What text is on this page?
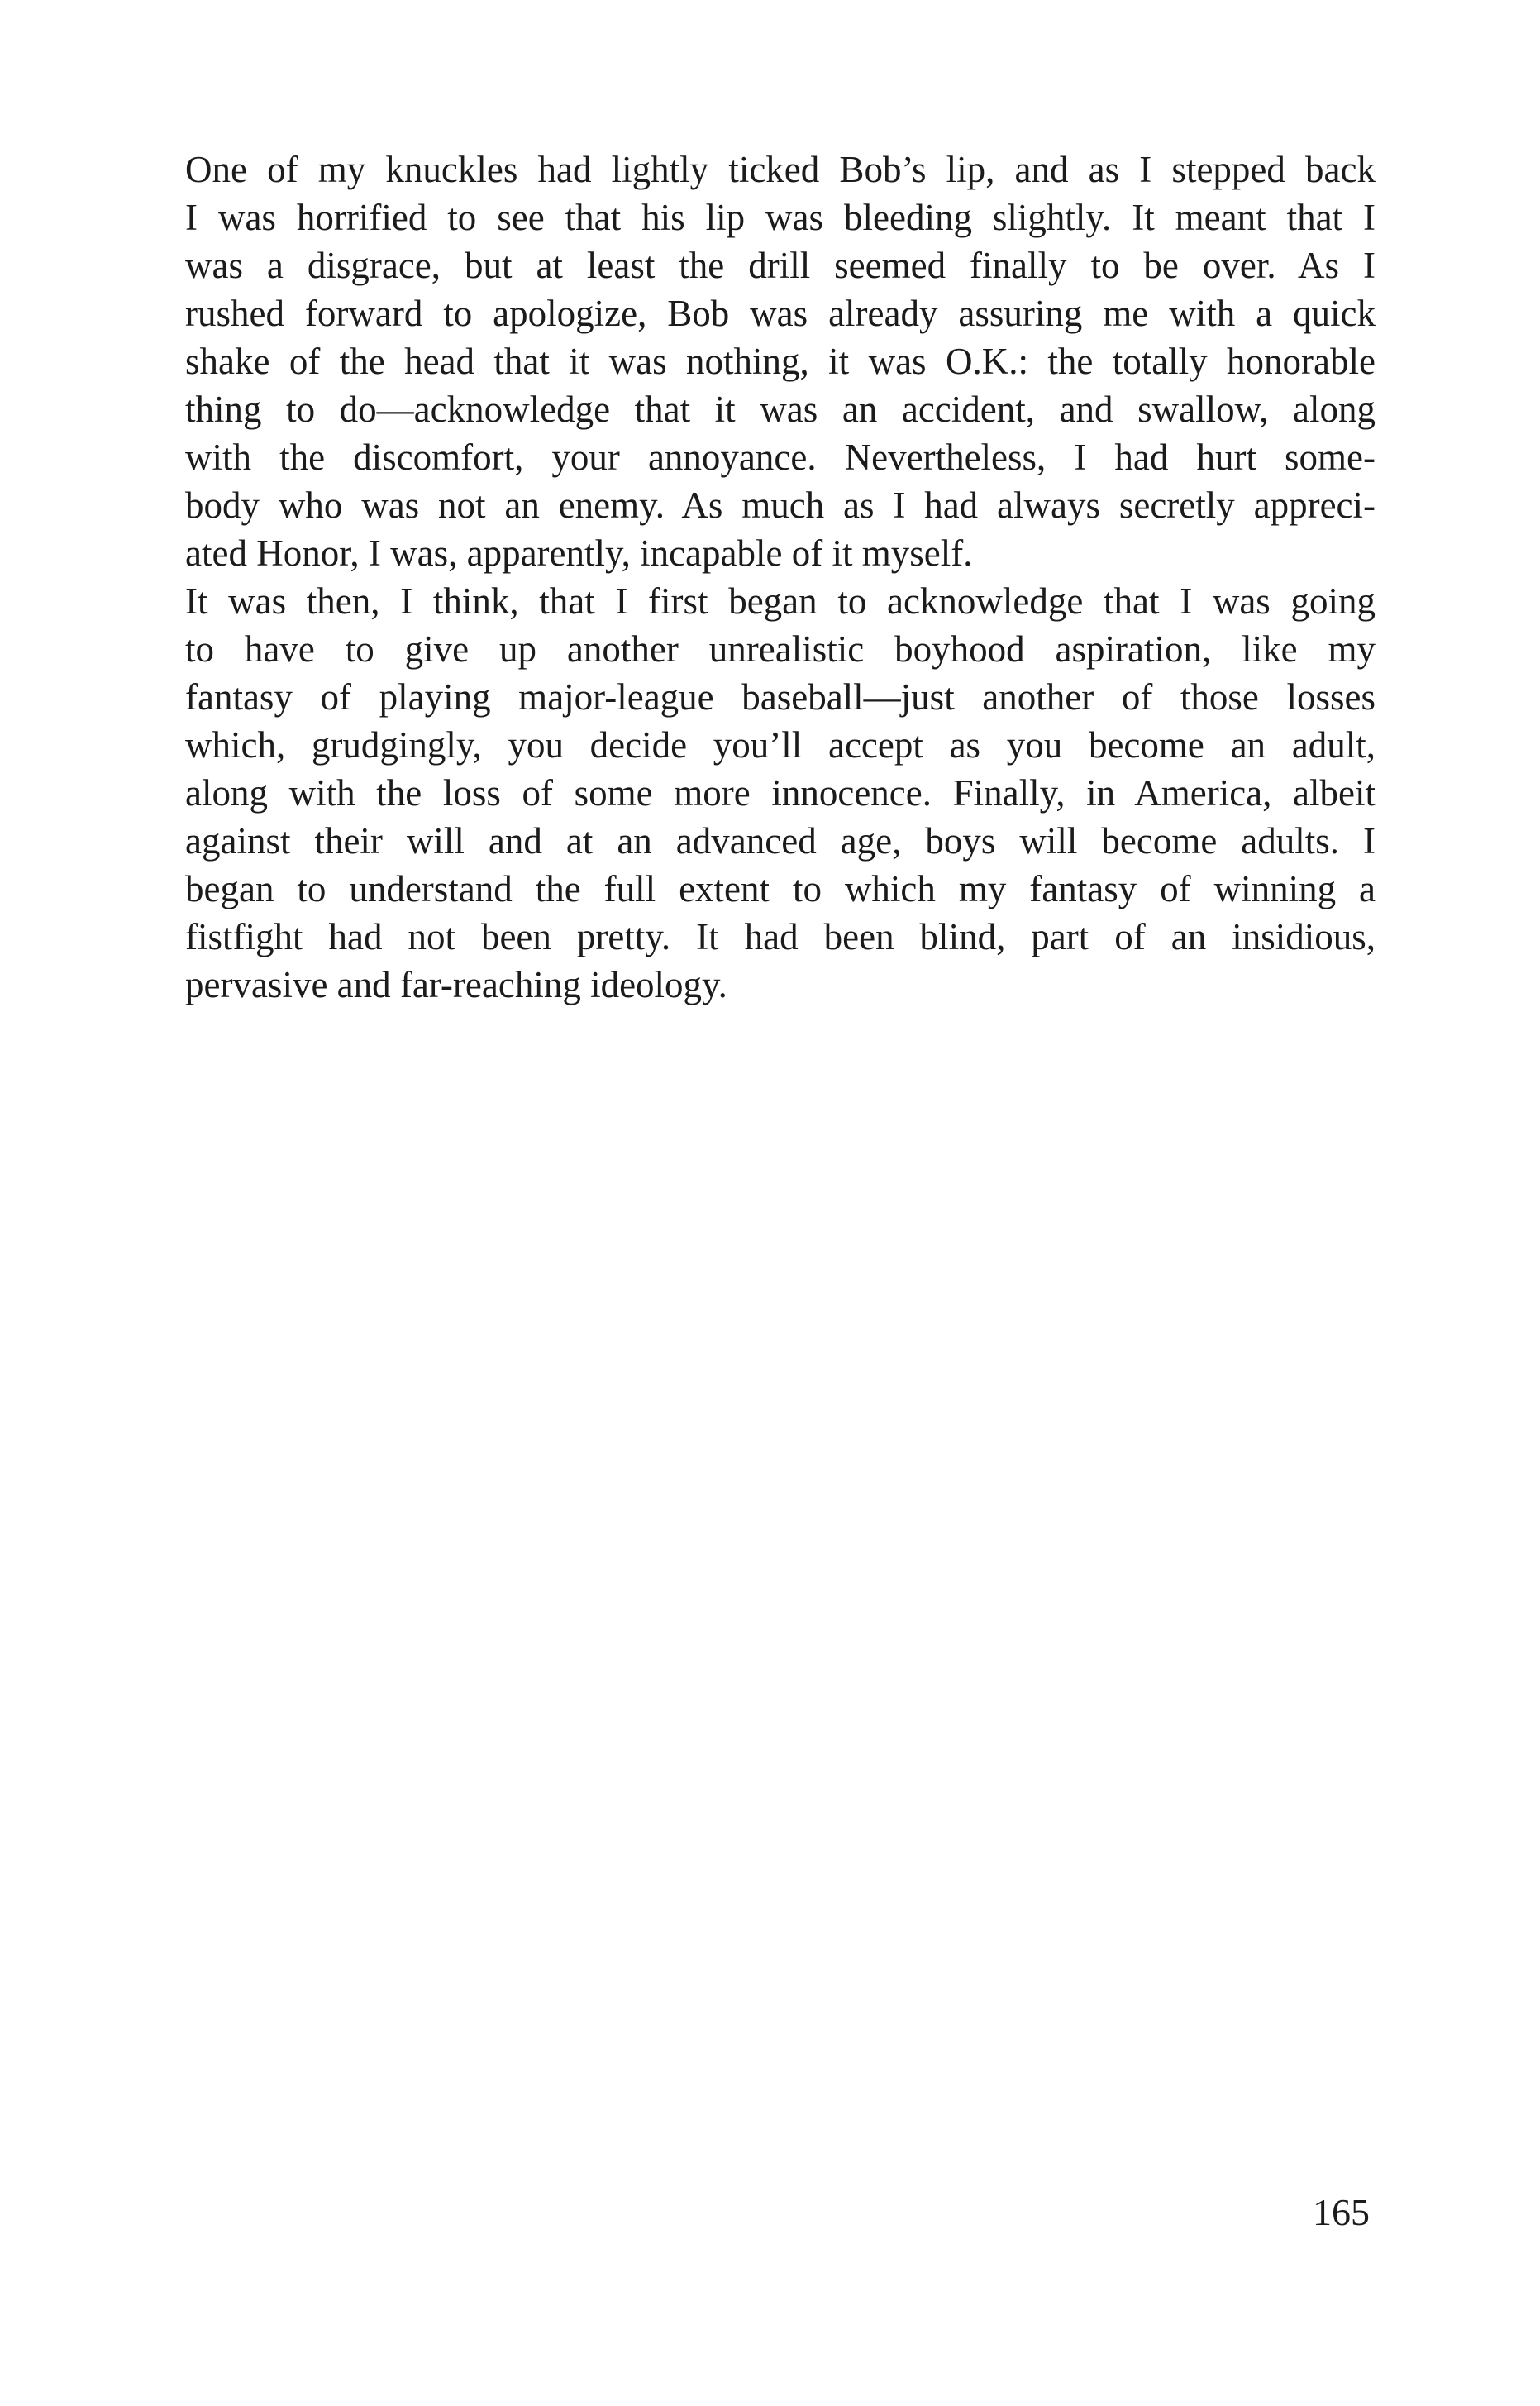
One of my knuckles had lightly ticked Bob’s lip, and as I stepped back
I was horrified to see that his lip was bleeding slightly. It meant that I
was a disgrace, but at least the drill seemed finally to be over. As I
rushed forward to apologize, Bob was already assuring me with a quick
shake of the head that it was nothing, it was O.K.: the totally honorable
thing to do—acknowledge that it was an accident, and swallow, along
with the discomfort, your annoyance. Nevertheless, I had hurt some-
body who was not an enemy. As much as I had always secretly appreci-
ated Honor, I was, apparently, incapable of it myself.
It was then, I think, that I first began to acknowledge that I was going
to have to give up another unrealistic boyhood aspiration, like my
fantasy of playing major-league baseball—just another of those losses
which, grudgingly, you decide you’ll accept as you become an adult,
along with the loss of some more innocence. Finally, in America, albeit
against their will and at an advanced age, boys will become adults. I
began to understand the full extent to which my fantasy of winning a
fistfight had not been pretty. It had been blind, part of an insidious,
pervasive and far-reaching ideology.
165
